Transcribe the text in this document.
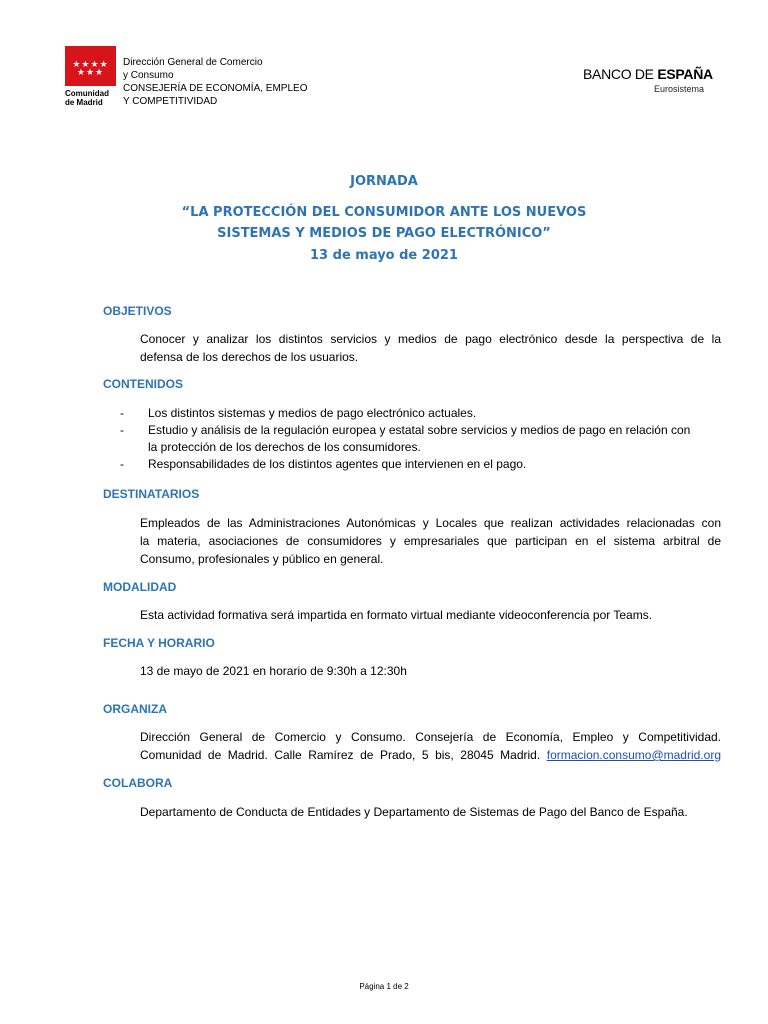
★★★★
★★★
Comunidad
de Madrid
Dirección General de Comercio
y Consumo
CONSEJERÍA DE ECONOMÍA, EMPLEO
Y COMPETITIVIDAD
BANCO DE ESPAÑA
Eurosistema
JORNADA
“LA PROTECCIÓN DEL CONSUMIDOR ANTE LOS NUEVOS
SISTEMAS Y MEDIOS DE PAGO ELECTRÓNICO”
13 de mayo de 2021
OBJETIVOS
Conocer y analizar los distintos servicios y medios de pago electrónico desde la perspectiva de la
defensa de los derechos de los usuarios.
CONTENIDOS
- Los distintos sistemas y medios de pago electrónico actuales.
- Estudio y análisis de la regulación europea y estatal sobre servicios y medios de pago en relación con
la protección de los derechos de los consumidores.
- Responsabilidades de los distintos agentes que intervienen en el pago.
DESTINATARIOS
Empleados de las Administraciones Autonómicas y Locales que realizan actividades relacionadas con
la materia, asociaciones de consumidores y empresariales que participan en el sistema arbitral de
Consumo, profesionales y público en general.
MODALIDAD
Esta actividad formativa será impartida en formato virtual mediante videoconferencia por Teams.
FECHA Y HORARIO
13 de mayo de 2021 en horario de 9:30h a 12:30h
ORGANIZA
Dirección General de Comercio y Consumo. Consejería de Economía, Empleo y Competitividad.
Comunidad de Madrid. Calle Ramírez de Prado, 5 bis, 28045 Madrid. formacion.consumo@madrid.org
COLABORA
Departamento de Conducta de Entidades y Departamento de Sistemas de Pago del Banco de España.
Página 1 de 2
